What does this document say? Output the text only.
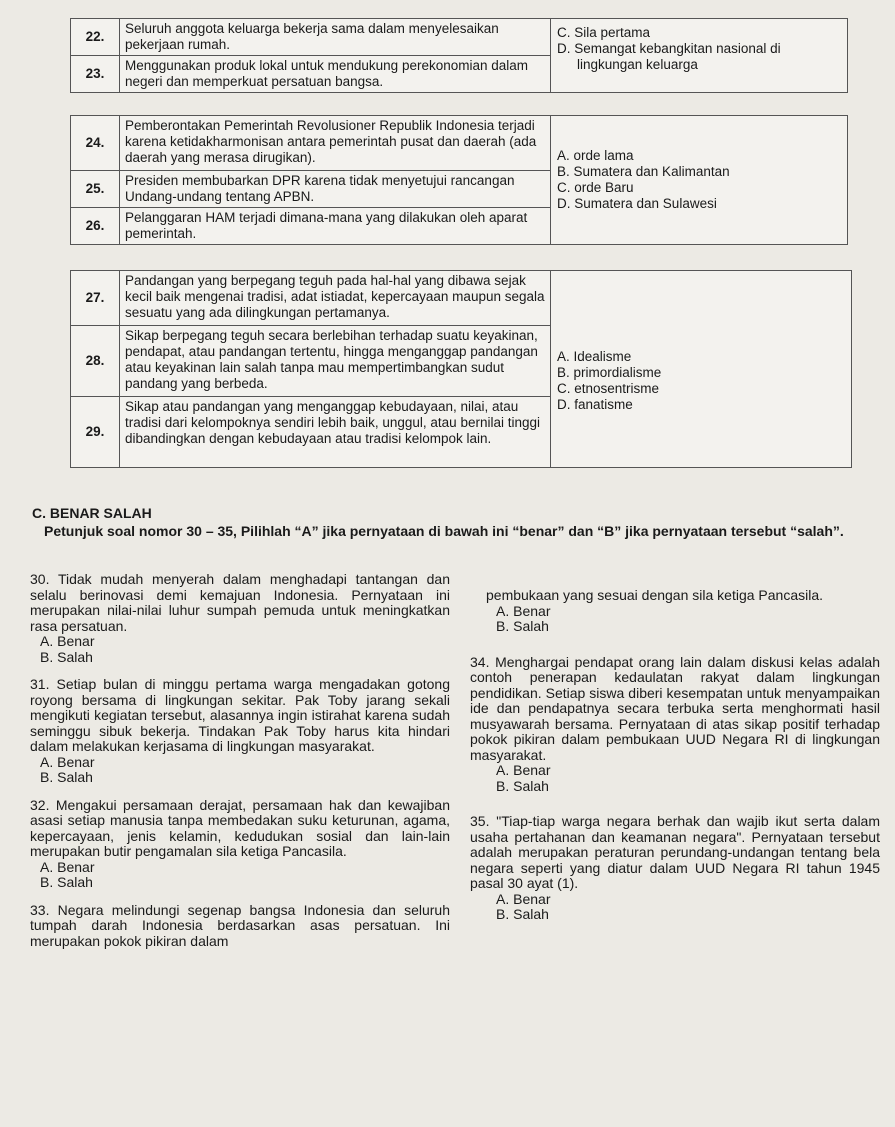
22.	Seluruh anggota keluarga bekerja sama dalam menyelesaikan pekerjaan rumah.	C. Sila pertama
D. Semangat kebangkitan nasional di
lingkungan keluarga

23.	Menggunakan produk lokal untuk mendukung perekonomian dalam negeri dan memperkuat persatuan bangsa.	
24.	Pemberontakan Pemerintah Revolusioner Republik Indonesia terjadi karena ketidakharmonisan antara pemerintah pusat dan daerah (ada daerah yang merasa dirugikan).	A. orde lama
B. Sumatera dan Kalimantan
C. orde Baru
D. Sumatera dan Sulawesi

25.	Presiden membubarkan DPR karena tidak menyetujui rancangan Undang-undang tentang APBN.	
26.	Pelanggaran HAM terjadi dimana-mana yang dilakukan oleh aparat pemerintah.	
27.	Pandangan yang berpegang teguh pada hal-hal yang dibawa sejak kecil baik mengenai tradisi, adat istiadat, kepercayaan maupun segala sesuatu yang ada dilingkungan pertamanya.	A. Idealisme
B. primordialisme
C. etnosentrisme
D. fanatisme

28.	Sikap berpegang teguh secara berlebihan terhadap suatu keyakinan, pendapat, atau pandangan tertentu, hingga menganggap pandangan atau keyakinan lain salah tanpa mau mempertimbangkan sudut pandang yang berbeda.	
29.	Sikap atau pandangan yang menganggap kebudayaan, nilai, atau tradisi dari kelompoknya sendiri lebih baik, unggul, atau bernilai tinggi dibandingkan dengan kebudayaan atau tradisi kelompok lain.	
C. BENAR SALAH
Petunjuk soal nomor 30 – 35, Pilihlah “A” jika pernyataan di bawah ini “benar” dan “B” jika pernyataan tersebut “salah”.
30. Tidak mudah menyerah dalam menghadapi tantangan dan selalu berinovasi demi kemajuan Indonesia. Pernyataan ini merupakan nilai-nilai luhur sumpah pemuda untuk meningkatkan rasa persatuan.
A. Benar
B. Salah
31. Setiap bulan di minggu pertama warga mengadakan gotong royong bersama di lingkungan sekitar. Pak Toby jarang sekali mengikuti kegiatan tersebut, alasannya ingin istirahat karena sudah seminggu sibuk bekerja. Tindakan Pak Toby harus kita hindari dalam melakukan kerjasama di lingkungan masyarakat.
A. Benar
B. Salah
32. Mengakui persamaan derajat, persamaan hak dan kewajiban asasi setiap manusia tanpa membedakan suku keturunan, agama, kepercayaan, jenis kelamin, kedudukan sosial dan lain-lain merupakan butir pengamalan sila ketiga Pancasila.
A. Benar
B. Salah
33. Negara melindungi segenap bangsa Indonesia dan seluruh tumpah darah Indonesia berdasarkan asas persatuan. Ini merupakan pokok pikiran dalam
pembukaan yang sesuai dengan sila ketiga Pancasila.
A. Benar
B. Salah
34. Menghargai pendapat orang lain dalam diskusi kelas adalah contoh penerapan kedaulatan rakyat dalam lingkungan pendidikan. Setiap siswa diberi kesempatan untuk menyampaikan ide dan pendapatnya secara terbuka serta menghormati hasil musyawarah bersama. Pernyataan di atas sikap positif terhadap pokok pikiran dalam pembukaan UUD Negara RI di lingkungan masyarakat.
A. Benar
B. Salah
35. "Tiap-tiap warga negara berhak dan wajib ikut serta dalam usaha pertahanan dan keamanan negara". Pernyataan tersebut adalah merupakan peraturan perundang-undangan tentang bela negara seperti yang diatur dalam UUD Negara RI tahun 1945 pasal 30 ayat (1).
A. Benar
B. Salah
